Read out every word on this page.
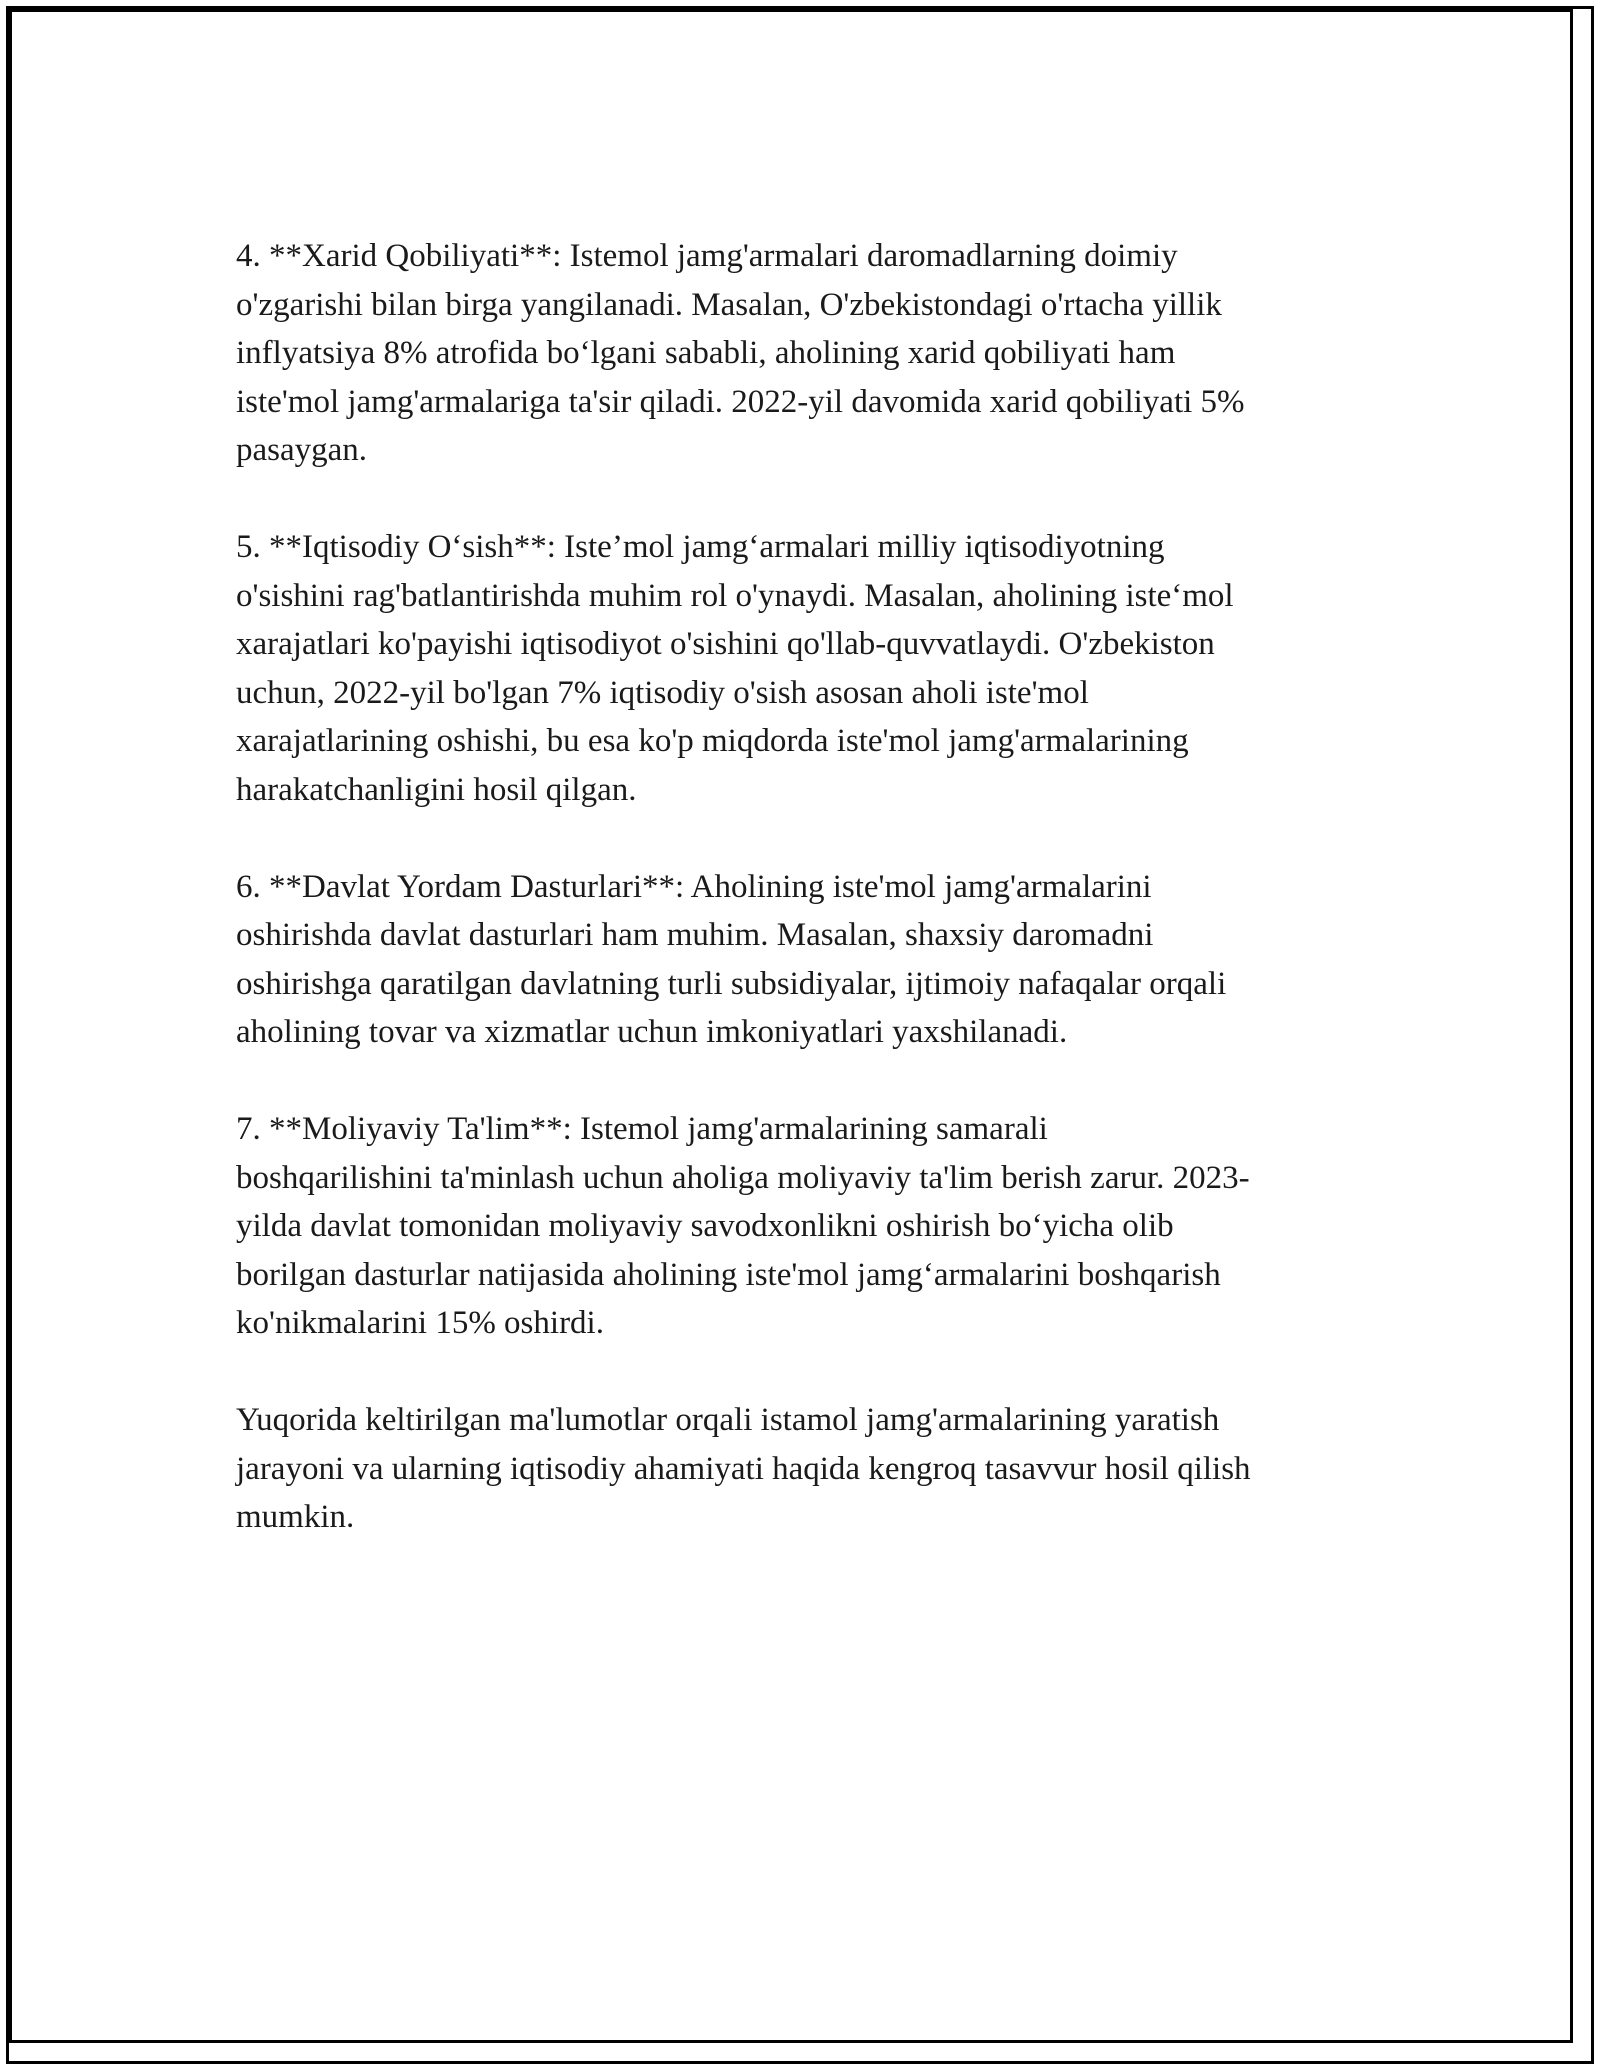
4. **Xarid Qobiliyati**: Istemol jamg'armalari daromadlarning doimiy
o'zgarishi bilan birga yangilanadi. Masalan, O'zbekistondagi o'rtacha yillik
inflyatsiya 8% atrofida bo‘lgani sababli, aholining xarid qobiliyati ham
iste'mol jamg'armalariga ta'sir qiladi. 2022-yil davomida xarid qobiliyati 5%
pasaygan.

5. **Iqtisodiy O‘sish**: Iste’mol jamg‘armalari milliy iqtisodiyotning
o'sishini rag'batlantirishda muhim rol o'ynaydi. Masalan, aholining iste‘mol
xarajatlari ko'payishi iqtisodiyot o'sishini qo'llab-quvvatlaydi. O'zbekiston
uchun, 2022-yil bo'lgan 7% iqtisodiy o'sish asosan aholi iste'mol
xarajatlarining oshishi, bu esa ko'p miqdorda iste'mol jamg'armalarining
harakatchanligini hosil qilgan.

6. **Davlat Yordam Dasturlari**: Aholining iste'mol jamg'armalarini
oshirishda davlat dasturlari ham muhim. Masalan, shaxsiy daromadni
oshirishga qaratilgan davlatning turli subsidiyalar, ijtimoiy nafaqalar orqali
aholining tovar va xizmatlar uchun imkoniyatlari yaxshilanadi.

7. **Moliyaviy Ta'lim**: Istemol jamg'armalarining samarali
boshqarilishini ta'minlash uchun aholiga moliyaviy ta'lim berish zarur. 2023-
yilda davlat tomonidan moliyaviy savodxonlikni oshirish bo‘yicha olib
borilgan dasturlar natijasida aholining iste'mol jamg‘armalarini boshqarish
ko'nikmalarini 15% oshirdi.

Yuqorida keltirilgan ma'lumotlar orqali istamol jamg'armalarining yaratish
jarayoni va ularning iqtisodiy ahamiyati haqida kengroq tasavvur hosil qilish
mumkin.
